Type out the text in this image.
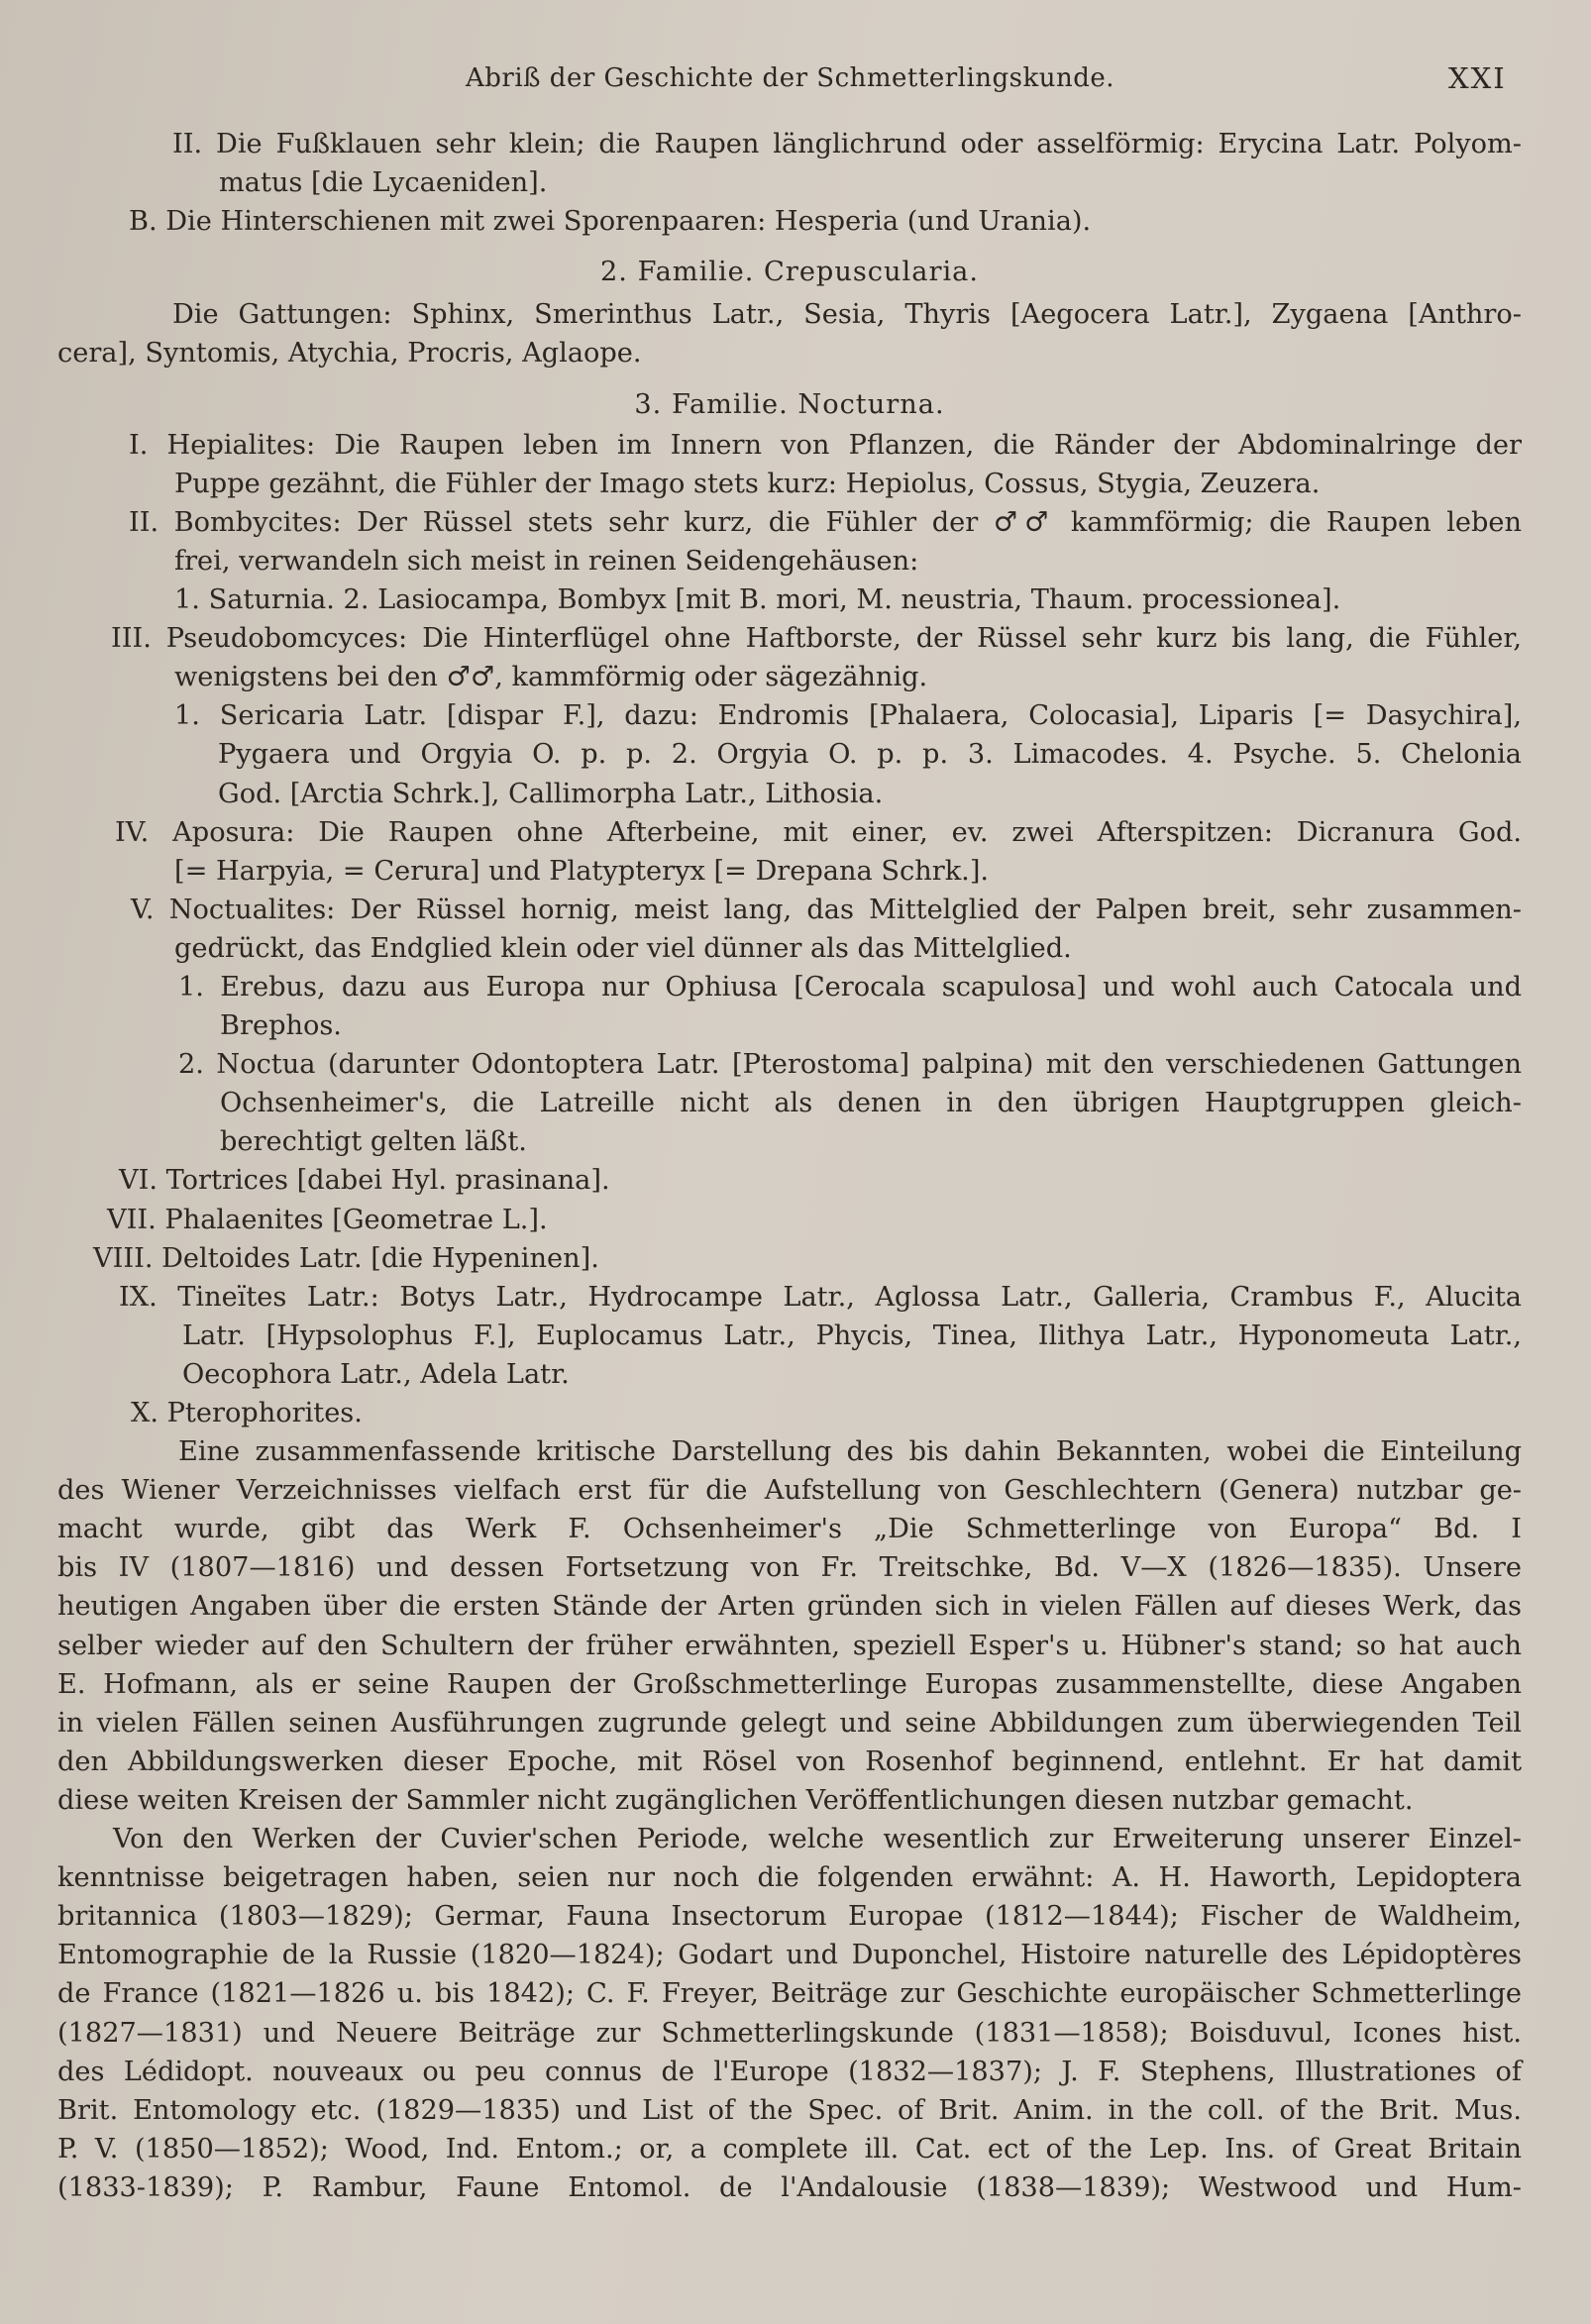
Abriß der Geschichte der Schmetterlingskunde.	XXI
II. Die Fußklauen sehr klein; die Raupen länglichrund oder asselförmig: Erycina Latr. Polyom-
matus [die Lycaeniden].
B. Die Hinterschienen mit zwei Sporenpaaren: Hesperia (und Urania).
2. Familie. Crepuscularia.
Die Gattungen: Sphinx, Smerinthus Latr., Sesia, Thyris [Aegocera Latr.], Zygaena [Anthro-
cera], Syntomis, Atychia, Procris, Aglaope.
3. Familie. Nocturna.
I. Hepialites: Die Raupen leben im Innern von Pflanzen, die Ränder der Abdominalringe der
Puppe gezähnt, die Fühler der Imago stets kurz: Hepiolus, Cossus, Stygia, Zeuzera.
II. Bombycites: Der Rüssel stets sehr kurz, die Fühler der ♂♂ kammförmig; die Raupen leben
frei, verwandeln sich meist in reinen Seidengehäusen:
1. Saturnia. 2. Lasiocampa, Bombyx [mit B. mori, M. neustria, Thaum. processionea].
III. Pseudobomcyces: Die Hinterflügel ohne Haftborste, der Rüssel sehr kurz bis lang, die Fühler,
wenigstens bei den ♂♂, kammförmig oder sägezähnig.
1. Sericaria Latr. [dispar F.], dazu: Endromis [Phalaera, Colocasia], Liparis [= Dasychira],
Pygaera und Orgyia O. p. p. 2. Orgyia O. p. p. 3. Limacodes. 4. Psyche. 5. Chelonia
God. [Arctia Schrk.], Callimorpha Latr., Lithosia.
IV. Aposura: Die Raupen ohne Afterbeine, mit einer, ev. zwei Afterspitzen: Dicranura God.
[= Harpyia, = Cerura] und Platypteryx [= Drepana Schrk.].
V. Noctualites: Der Rüssel hornig, meist lang, das Mittelglied der Palpen breit, sehr zusammen-
gedrückt, das Endglied klein oder viel dünner als das Mittelglied.
1. Erebus, dazu aus Europa nur Ophiusa [Cerocala scapulosa] und wohl auch Catocala und
Brephos.
2. Noctua (darunter Odontoptera Latr. [Pterostoma] palpina) mit den verschiedenen Gattungen
Ochsenheimer's, die Latreille nicht als denen in den übrigen Hauptgruppen gleich-
berechtigt gelten läßt.
VI. Tortrices [dabei Hyl. prasinana].
VII. Phalaenites [Geometrae L.].
VIII. Deltoides Latr. [die Hypeninen].
IX. Tineïtes Latr.: Botys Latr., Hydrocampe Latr., Aglossa Latr., Galleria, Crambus F., Alucita
Latr. [Hypsolophus F.], Euplocamus Latr., Phycis, Tinea, Ilithya Latr., Hyponomeuta Latr.,
Oecophora Latr., Adela Latr.
X. Pterophorites.
Eine zusammenfassende kritische Darstellung des bis dahin Bekannten, wobei die Einteilung
des Wiener Verzeichnisses vielfach erst für die Aufstellung von Geschlechtern (Genera) nutzbar ge-
macht wurde, gibt das Werk F. Ochsenheimer's „Die Schmetterlinge von Europa“ Bd. I
bis IV (1807—1816) und dessen Fortsetzung von Fr. Treitschke, Bd. V—X (1826—1835). Unsere
heutigen Angaben über die ersten Stände der Arten gründen sich in vielen Fällen auf dieses Werk, das
selber wieder auf den Schultern der früher erwähnten, speziell Esper's u. Hübner's stand; so hat auch
E. Hofmann, als er seine Raupen der Großschmetterlinge Europas zusammenstellte, diese Angaben
in vielen Fällen seinen Ausführungen zugrunde gelegt und seine Abbildungen zum überwiegenden Teil
den Abbildungswerken dieser Epoche, mit Rösel von Rosenhof beginnend, entlehnt. Er hat damit
diese weiten Kreisen der Sammler nicht zugänglichen Veröffentlichungen diesen nutzbar gemacht.
Von den Werken der Cuvier'schen Periode, welche wesentlich zur Erweiterung unserer Einzel-
kenntnisse beigetragen haben, seien nur noch die folgenden erwähnt: A. H. Haworth, Lepidoptera
britannica (1803—1829); Germar, Fauna Insectorum Europae (1812—1844); Fischer de Waldheim,
Entomographie de la Russie (1820—1824); Godart und Duponchel, Histoire naturelle des Lépidoptères
de France (1821—1826 u. bis 1842); C. F. Freyer, Beiträge zur Geschichte europäischer Schmetterlinge
(1827—1831) und Neuere Beiträge zur Schmetterlingskunde (1831—1858); Boisduvul, Icones hist.
des Lédidopt. nouveaux ou peu connus de l'Europe (1832—1837); J. F. Stephens, Illustrationes of
Brit. Entomology etc. (1829—1835) und List of the Spec. of Brit. Anim. in the coll. of the Brit. Mus.
P. V. (1850—1852); Wood, Ind. Entom.; or, a complete ill. Cat. ect of the Lep. Ins. of Great Britain
(1833-1839); P. Rambur, Faune Entomol. de l'Andalousie (1838—1839); Westwood und Hum-
